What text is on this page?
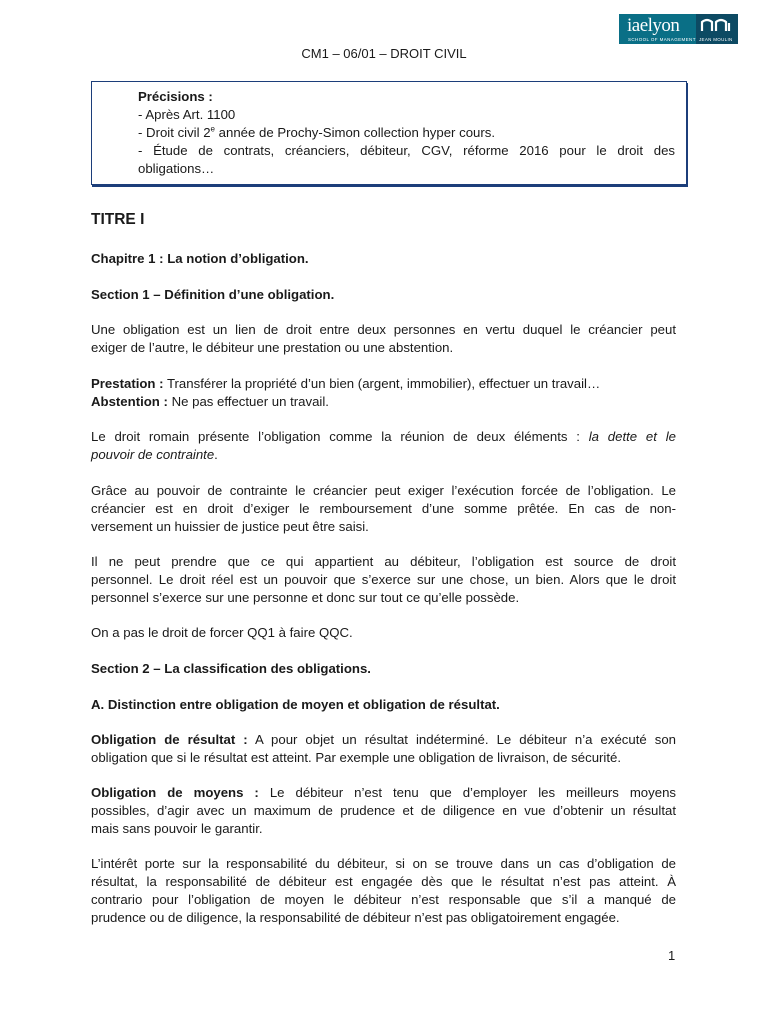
iaelyon
SCHOOL OF MANAGEMENT JEAN MOULIN
CM1 – 06/01 – DROIT CIVIL
Précisions :
- Après Art. 1100
- Droit civil 2e année de Prochy-Simon collection hyper cours.
- Étude de contrats, créanciers, débiteur, CGV, réforme 2016 pour le droit des
obligations…
TITRE I
Chapitre 1 : La notion d’obligation.
Section 1 – Définition d’une obligation.
Une obligation est un lien de droit entre deux personnes en vertu duquel le créancier peut
exiger de l’autre, le débiteur une prestation ou une abstention.
Prestation : Transférer la propriété d’un bien (argent, immobilier), effectuer un travail…
Abstention : Ne pas effectuer un travail.
Le droit romain présente l’obligation comme la réunion de deux éléments : la dette et le
pouvoir de contrainte.
Grâce au pouvoir de contrainte le créancier peut exiger l’exécution forcée de l’obligation. Le
créancier est en droit d’exiger le remboursement d’une somme prêtée. En cas de non-
versement un huissier de justice peut être saisi.
Il ne peut prendre que ce qui appartient au débiteur, l’obligation est source de droit
personnel. Le droit réel est un pouvoir que s’exerce sur une chose, un bien. Alors que le droit
personnel s’exerce sur une personne et donc sur tout ce qu’elle possède.
On a pas le droit de forcer QQ1 à faire QQC.
Section 2 – La classification des obligations.
A. Distinction entre obligation de moyen et obligation de résultat.
Obligation de résultat : A pour objet un résultat indéterminé. Le débiteur n’a exécuté son
obligation que si le résultat est atteint. Par exemple une obligation de livraison, de sécurité.
Obligation de moyens : Le débiteur n’est tenu que d’employer les meilleurs moyens
possibles, d’agir avec un maximum de prudence et de diligence en vue d’obtenir un résultat
mais sans pouvoir le garantir.
L’intérêt porte sur la responsabilité du débiteur, si on se trouve dans un cas d’obligation de
résultat, la responsabilité de débiteur est engagée dès que le résultat n’est pas atteint. À
contrario pour l’obligation de moyen le débiteur n’est responsable que s’il a manqué de
prudence ou de diligence, la responsabilité de débiteur n’est pas obligatoirement engagée.
1
